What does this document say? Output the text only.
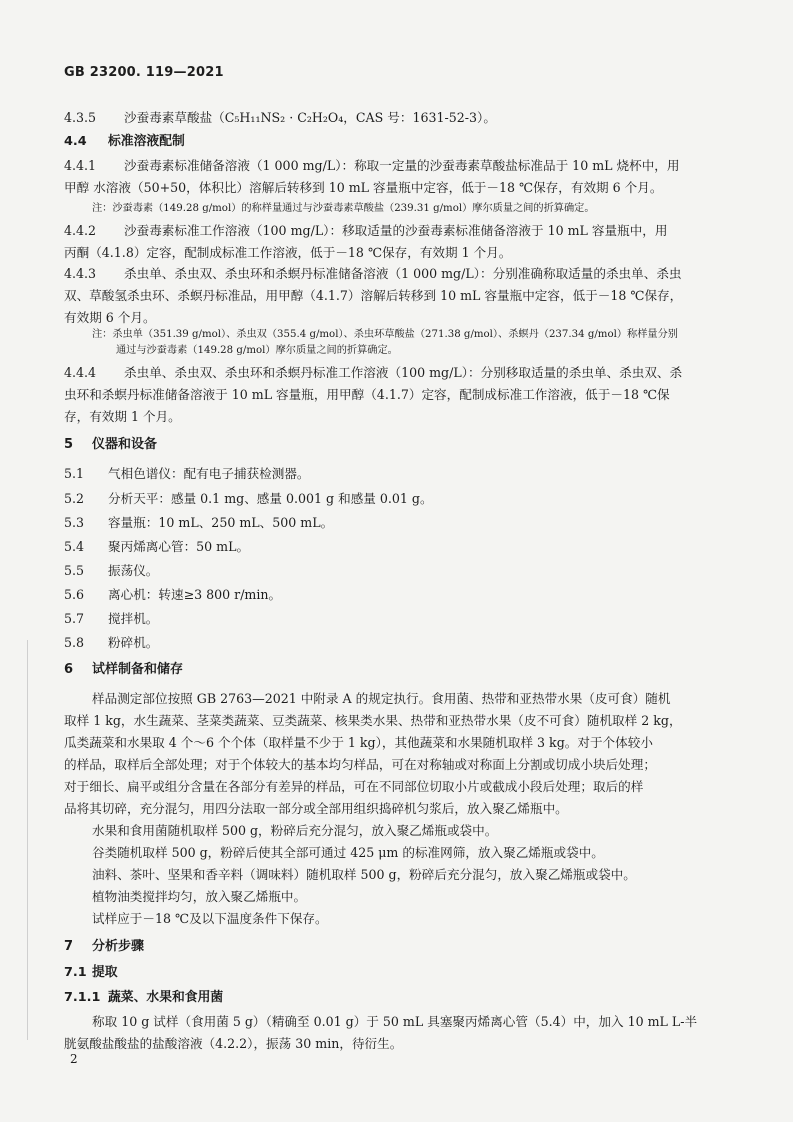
GB 23200. 119—2021
4.3.5 沙蚕毒素草酸盐（C₅H₁₁NS₂ · C₂H₂O₄，CAS 号：1631-52-3）。
4.4 标准溶液配制
4.4.1 沙蚕毒素标准储备溶液（1 000 mg/L）：称取一定量的沙蚕毒素草酸盐标准品于 10 mL 烧杯中，用
甲醇 水溶液（50+50，体积比）溶解后转移到 10 mL 容量瓶中定容，低于－18 ℃保存，有效期 6 个月。
注：沙蚕毒素（149.28 g/mol）的称样量通过与沙蚕毒素草酸盐（239.31 g/mol）摩尔质量之间的折算确定。
4.4.2 沙蚕毒素标准工作溶液（100 mg/L）：移取适量的沙蚕毒素标准储备溶液于 10 mL 容量瓶中，用
丙酮（4.1.8）定容，配制成标准工作溶液，低于－18 ℃保存，有效期 1 个月。
4.4.3 杀虫单、杀虫双、杀虫环和杀螟丹标准储备溶液（1 000 mg/L）：分别准确称取适量的杀虫单、杀虫
双、草酸氢杀虫环、杀螟丹标准品，用甲醇（4.1.7）溶解后转移到 10 mL 容量瓶中定容，低于－18 ℃保存，
有效期 6 个月。
注：杀虫单（351.39 g/mol）、杀虫双（355.4 g/mol）、杀虫环草酸盐（271.38 g/mol）、杀螟丹（237.34 g/mol）称样量分别
通过与沙蚕毒素（149.28 g/mol）摩尔质量之间的折算确定。
4.4.4 杀虫单、杀虫双、杀虫环和杀螟丹标准工作溶液（100 mg/L）：分别移取适量的杀虫单、杀虫双、杀
虫环和杀螟丹标准储备溶液于 10 mL 容量瓶，用甲醇（4.1.7）定容，配制成标准工作溶液，低于－18 ℃保
存，有效期 1 个月。
5 仪器和设备
5.1 气相色谱仪：配有电子捕获检测器。
5.2 分析天平：感量 0.1 mg、感量 0.001 g 和感量 0.01 g。
5.3 容量瓶：10 mL、250 mL、500 mL。
5.4 聚丙烯离心管：50 mL。
5.5 振荡仪。
5.6 离心机：转速≥3 800 r/min。
5.7 搅拌机。
5.8 粉碎机。
6 试样制备和储存
样品测定部位按照 GB 2763—2021 中附录 A 的规定执行。食用菌、热带和亚热带水果（皮可食）随机
取样 1 kg，水生蔬菜、茎菜类蔬菜、豆类蔬菜、核果类水果、热带和亚热带水果（皮不可食）随机取样 2 kg，
瓜类蔬菜和水果取 4 个～6 个个体（取样量不少于 1 kg），其他蔬菜和水果随机取样 3 kg。对于个体较小
的样品，取样后全部处理；对于个体较大的基本均匀样品，可在对称轴或对称面上分割或切成小块后处理；
对于细长、扁平或组分含量在各部分有差异的样品，可在不同部位切取小片或截成小段后处理；取后的样
品将其切碎，充分混匀，用四分法取一部分或全部用组织捣碎机匀浆后，放入聚乙烯瓶中。
水果和食用菌随机取样 500 g，粉碎后充分混匀，放入聚乙烯瓶或袋中。
谷类随机取样 500 g，粉碎后使其全部可通过 425 μm 的标准网筛，放入聚乙烯瓶或袋中。
油料、茶叶、坚果和香辛料（调味料）随机取样 500 g，粉碎后充分混匀，放入聚乙烯瓶或袋中。
植物油类搅拌均匀，放入聚乙烯瓶中。
试样应于－18 ℃及以下温度条件下保存。
7 分析步骤
7.1 提取
7.1.1 蔬菜、水果和食用菌
称取 10 g 试样（食用菌 5 g）（精确至 0.01 g）于 50 mL 具塞聚丙烯离心管（5.4）中，加入 10 mL L-半
胱氨酸盐酸盐的盐酸溶液（4.2.2），振荡 30 min，待衍生。
2
